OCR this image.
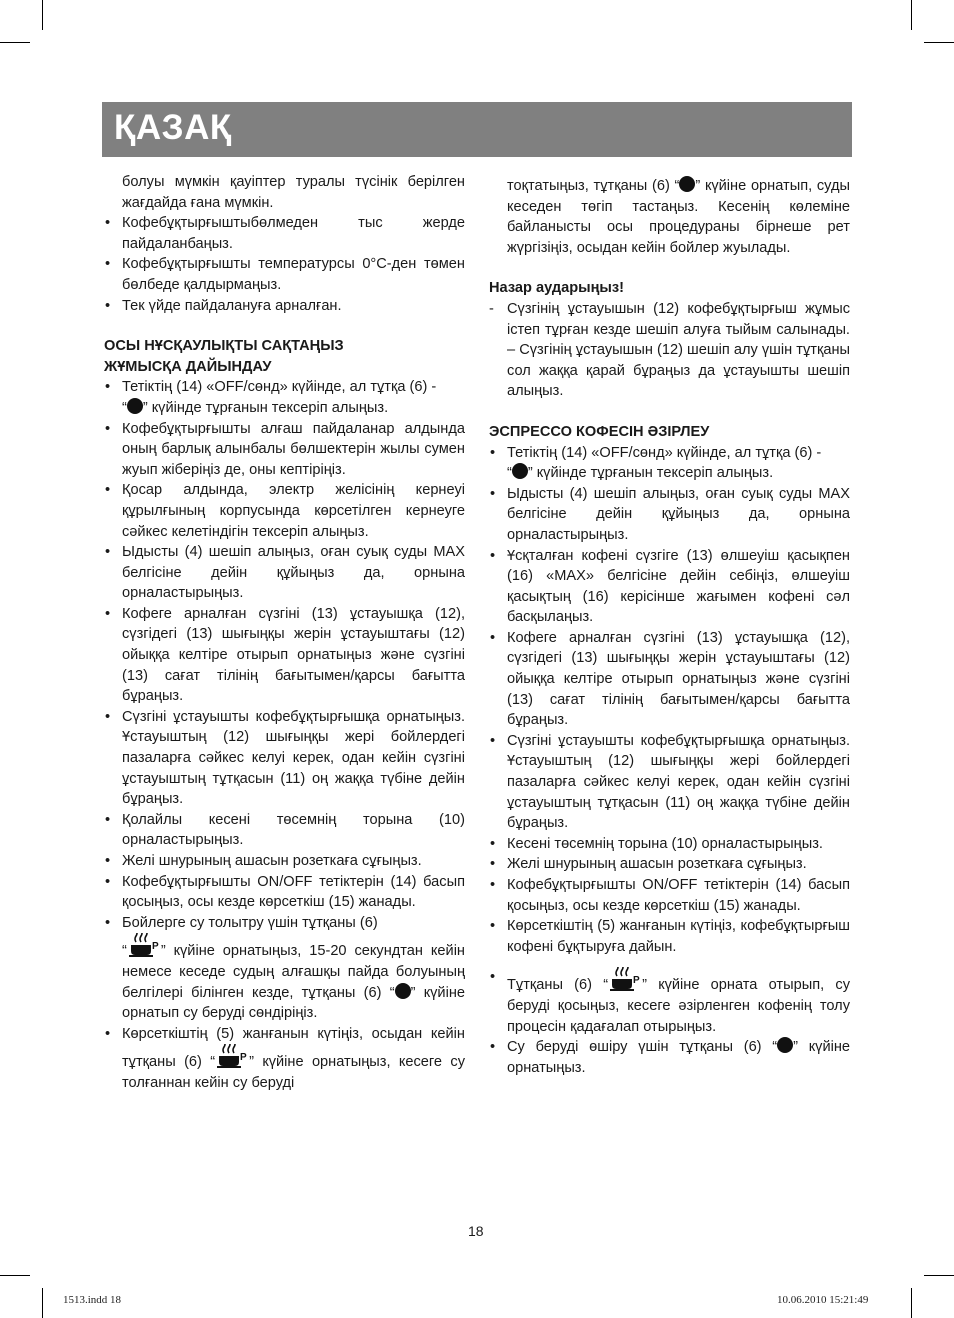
ҚАЗАҚ

болуы мүмкін қауіптер туралы түсінік берілген жағдайда ғана мүмкін.

• Кофебұқтырғыштыбөлмеден тыс жерде пайдаланбаңыз.
• Кофебұқтырғышты температурсы 0°С-ден төмен бөлбеде қалдырмаңыз.
• Тек үйде пайдалануға арналған.

ОСЫ НҰСҚАУЛЫҚТЫ САҚТАҢЫЗ

ЖҰМЫСҚА ДАЙЫНДАУ

• Тетіктің (14) «OFF/сөнд» күйінде, ал тұтқа (6) -
“ ” күйінде тұрғанын тексеріп алыңыз.
• Кофебұқтырғышты алғаш пайдаланар алдында оның барлық алынбалы бөлшектерін жылы сумен жуып жіберіңіз де, оны кептіріңіз.
• Қосар алдында, электр желісінің кернеуі құрылғының корпусында көрсетілген кернеуге сәйкес келетіндігін тексеріп алыңыз.
• Ыдысты (4) шешіп алыңыз, оған суық суды MAX белгісіне дейін құйыңыз да, орнына орналастырыңыз.
• Кофеге арналған сүзгіні (13) ұстауышқа (12), сүзгідегі (13) шығыңқы жерін ұстауыштағы (12) ойыққа келтіре отырып орнатыңыз және сүзгіні (13) сағат тілінің бағытымен/қарсы бағытта бұраңыз.
• Сүзгіні ұстауышты кофебұқтырғышқа орнатыңыз. Ұстауыштың (12) шығыңқы жері бойлердегі пазаларға сәйкес келуі керек, одан кейін сүзгіні ұстауыштың тұтқасын (11) оң жаққа түбіне дейін бұраңыз.
• Қолайлы кесені төсемнің торына (10) орналастырыңыз.
• Желі шнурының ашасын розеткаға сұғыңыз.
• Кофебұқтырғышты ON/OFF тетіктерін (14) басып қосыңыз, осы кезде көрсеткіш (15) жанады.
• Бойлерге су толытру үшін тұтқаны (6)
“	P ” күйіне орнатыңыз, 15-20 секундтан кейін немесе кеседе судың алғашқы пайда болуының белгілері білінген кезде, тұтқаны (6) “ ” күйіне орнатып су беруді сөндіріңіз.
• Көрсеткіштің (5) жанғанын күтіңіз, осыдан кейін тұтқаны (6) “	P ” күйіне орнатыңыз, кесеге су толғаннан кейін су беруді

тоқтатыңыз, тұтқаны (6) “ ” күйіне орнатып, суды кеседен төгіп тастаңыз. Кесенің көлеміне байланысты осы процедураны бірнеше рет жүргізіңіз, осыдан кейін бойлер жуылады.

Назар аударыңыз!

- Сүзгінің ұстауышын (12) кофебұқтырғыш жұмыс істеп тұрған кезде шешіп алуға тыйым салынады. – Сүзгінің ұстауышын (12) шешіп алу үшін тұтқаны сол жаққа қарай бұраңыз да ұстауышты шешіп алыңыз.

ЭСПРЕССО КОФЕСІН ӘЗІРЛЕУ

• Тетіктің (14) «OFF/сөнд» күйінде, ал тұтқа (6) -
“ ” күйінде тұрғанын тексеріп алыңыз.
• Ыдысты (4) шешіп алыңыз, оған суық суды MAX белгісіне дейін құйыңыз да, орнына орналастырыңыз.
• Ұсқталған кофені сүзгіге (13) өлшеуіш қасықпен (16) «MAX» белгісіне дейін себіңіз, өлшеуіш қасықтың (16) керісінше жағымен кофені сәл басқылаңыз.
• Кофеге арналған сүзгіні (13) ұстауышқа (12), сүзгідегі (13) шығыңқы жерін ұстауыштағы (12) ойыққа келтіре отырып орнатыңыз және сүзгіні (13) сағат тілінің бағытымен/қарсы бағытта бұраңыз.
• Сүзгіні ұстауышты кофебұқтырғышқа орнатыңыз. Ұстауыштың (12) шығыңқы жері бойлердегі пазаларға сәйкес келуі керек, одан кейін сүзгіні ұстауыштың тұтқасын (11) оң жаққа түбіне дейін бұраңыз.
• Кесені төсемнің торына (10) орналастырыңыз.
• Желі шнурының ашасын розеткаға сұғыңыз.
• Кофебұқтырғышты ON/OFF тетіктерін (14) басып қосыңыз, осы кезде көрсеткіш (15) жанады.
• Көрсеткіштің (5) жанғанын күтіңіз, кофебұқтырғыш кофені бұқтыруға дайын.
• Тұтқаны (6) “	P ” күйіне орната отырып, су беруді қосыңыз, кесеге әзірленген кофенің толу процесін қадағалап отырыңыз.
• Су беруді өшіру үшін тұтқаны (6) “ ” күйіне орнатыңыз.
18
1513.indd 18	10.06.2010 15:21:49
